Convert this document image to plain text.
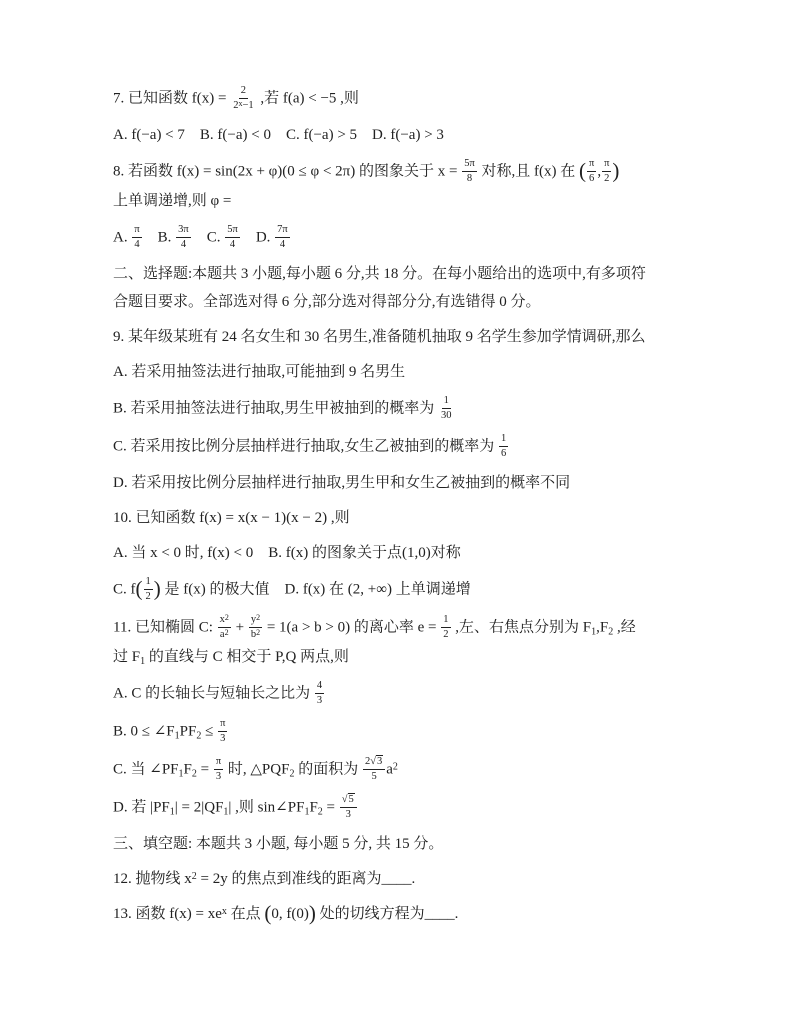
7. 已知函数 $f(x) = \frac{2}{2^x-1}$ ,若 f(a) < −5 ,则
A. f(−a) < 7    B. f(−a) < 0    C. f(−a) > 5    D. f(−a) > 3
8. 若函数 f(x) = sin(2x + φ)(0 ≤ φ < 2π) 的图象关于 $x = \frac{5\pi}{8}$ 对称,且 f(x) 在 ( $\frac{\pi}{6}$ , $\frac{\pi}{2}$ )
上单调递增,则 φ =
A. $\frac{\pi}{4} B$. $\frac{3\pi}{4} C$. $\frac{5\pi}{4} D$. $\frac{7\pi}{4}$
二、选择题:本题共 3 小题,每小题 6 分,共 18 分。在每小题给出的选项中,有多项符
合题目要求。全部选对得 6 分,部分选对得部分分,有选错得 0 分。
9. 某年级某班有 24 名女生和 30 名男生,准备随机抽取 9 名学生参加学情调研,那么
A. 若采用抽签法进行抽取,可能抽到 9 名男生
B. 若采用抽签法进行抽取,男生甲被抽到的概率为 $\frac{1}{30}$
C. 若采用按比例分层抽样进行抽取,女生乙被抽到的概率为 $\frac{1}{6}$
D. 若采用按比例分层抽样进行抽取,男生甲和女生乙被抽到的概率不同
10. 已知函数 f(x) = x(x − 1)(x − 2) ,则
A. 当 x < 0 时, f(x) < 0    B. f(x) 的图象关于点(1,0)对称
C. $f( \frac{1}{2}$ ) 是 f(x) 的极大值    D. f(x) 在 (2, +∞) 上单调递增
11. 已知椭圆 C: $\frac{x^2}{a^2} + \frac{y^2}{b^2} = 1(a > b > 0)$ 的离心率 $e = \frac{1}{2}$ ,左、右焦点分别为 $F_1,F_2$ ,经
过 $F_1$ 的直线与 C 相交于 P,Q 两点,则
A. C 的长轴长与短轴长之比为 $\frac{4}{3}$
B. $0 \le \angle F_1PF_2 \le \frac{\pi}{3}$
C. 当 $\angle PF_1F_2 = \frac{\pi}{3}$ 时, $\triangle PQF_2$ 的面积为 $\frac{2√3}{5} a^2$
D. 若 $|PF_1| = 2|QF_1|$ ,则 $\sin\angle PF_1F_2 = \frac{√5}{3}$
三、填空题: 本题共 3 小题, 每小题 5 分, 共 15 分。
12. 抛物线 $x^2 = 2y$ 的焦点到准线的距离为____.
13. 函数 $f(x) = xe^x$ 在点 (0, f(0)) 处的切线方程为____.
